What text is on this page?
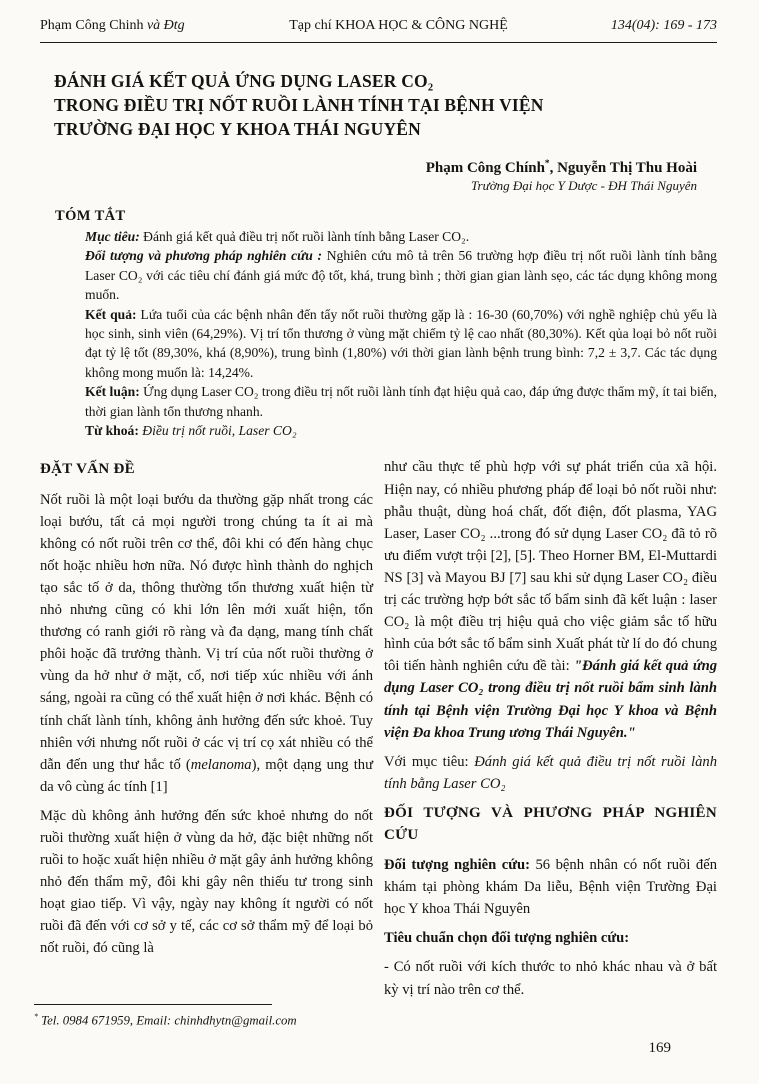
Phạm Công Chinh và Đtg	Tạp chí KHOA HỌC & CÔNG NGHỆ	134(04): 169 - 173
ĐÁNH GIÁ KẾT QUẢ ỨNG DỤNG LASER CO₂
TRONG ĐIỀU TRỊ NỐT RUỒI LÀNH TÍNH TẠI BỆNH VIỆN
TRƯỜNG ĐẠI HỌC Y KHOA THÁI NGUYÊN
Phạm Công Chính*, Nguyễn Thị Thu Hoài
Trường Đại học Y Dược - ĐH Thái Nguyên
TÓM TẮT

Mục tiêu: Đánh giá kết quả điều trị nốt ruồi lành tính bằng Laser CO₂.

Đối tượng và phương pháp nghiên cứu : Nghiên cứu mô tả trên 56 trường hợp điều trị nốt ruồi lành tính bằng Laser CO₂ với các tiêu chí đánh giá mức độ tốt, khá, trung bình ; thời gian gian lành sẹo, các tác dụng không mong muốn.

Kết quả: Lứa tuổi của các bệnh nhân đến tẩy nốt ruồi thường gặp là : 16-30 (60,70%) với nghề nghiệp chủ yếu là học sinh, sinh viên (64,29%). Vị trí tổn thương ở vùng mặt chiếm tỷ lệ cao nhất (80,30%). Kết qủa loại bỏ nốt ruồi đạt tỷ lệ tốt (89,30%, khá (8,90%), trung bình (1,80%) với thời gian lành bệnh trung bình: 7,2 ± 3,7. Các tác dụng không mong muốn là: 14,24%.

Kết luận: Ứng dụng Laser CO₂ trong điều trị nốt ruồi lành tính đạt hiệu quả cao, đáp ứng được thẩm mỹ, ít tai biến, thời gian lành tổn thương nhanh.

Từ khoá: Điều trị nốt ruồi, Laser CO₂

ĐẶT VẤN ĐỀ

Nốt ruồi là một loại bướu da thường gặp nhất trong các loại bướu, tất cả mọi người trong chúng ta ít ai mà không có nốt ruồi trên cơ thể, đôi khi có đến hàng chục nốt hoặc nhiều hơn nữa. Nó được hình thành do nghịch tạo sắc tố ở da, thông thường tổn thương xuất hiện từ nhỏ nhưng cũng có khi lớn lên mới xuất hiện, tổn thương có ranh giới rõ ràng và đa dạng, mang tính chất phôi hoặc đã trưởng thành. Vị trí của nốt ruồi thường ở vùng da hở như ở mặt, cổ, nơi tiếp xúc nhiều với ánh sáng, ngoài ra cũng có thể xuất hiện ở nơi khác. Bệnh có tính chất lành tính, không ảnh hưởng đến sức khoẻ. Tuy nhiên với nhưng nốt ruồi ở các vị trí cọ xát nhiều có thể dẫn đến ung thư hắc tố (melanoma), một dạng ung thư da vô cùng ác tính [1]

Mặc dù không ảnh hưởng đến sức khoẻ nhưng do nốt ruồi thường xuất hiện ở vùng da hở, đặc biệt những nốt ruồi to hoặc xuất hiện nhiều ở mặt gây ảnh hưởng không nhỏ đến thẩm mỹ, đôi khi gây nên thiếu tư trong sinh hoạt giao tiếp. Vì vậy, ngày nay không ít người có nốt ruồi đã đến với cơ sở y tế, các cơ sở thẩm mỹ để loại bỏ nốt ruồi, đó cũng là

như cầu thực tế phù hợp với sự phát triển của xã hội. Hiện nay, có nhiều phương pháp để loại bỏ nốt ruồi như: phẫu thuật, dùng hoá chất, đốt điện, đốt plasma, YAG Laser, Laser CO₂ ...trong đó sử dụng Laser CO₂ đã tỏ rõ ưu điểm vượt trội [2], [5]. Theo Horner BM, El-Muttardi NS [3] và Mayou BJ [7] sau khi sử dụng Laser CO₂ điều trị các trường hợp bớt sắc tố bẩm sinh đã kết luận : laser CO₂ là một điều trị hiệu quả cho việc giảm sắc tố hữu hình của bớt sắc tố bẩm sinh Xuất phát từ lí do đó chung tôi tiến hành nghiên cứu đề tài: "Đánh giá kết quả ứng dụng Laser CO₂ trong điều trị nốt ruồi bẩm sinh lành tính tại Bệnh viện Trường Đại học Y khoa và Bệnh viện Đa khoa Trung ương Thái Nguyên."

Với mục tiêu: Đánh giá kết quả điều trị nốt ruồi lành tính bằng Laser CO₂

ĐỐI TƯỢNG VÀ PHƯƠNG PHÁP NGHIÊN CỨU

Đối tượng nghiên cứu: 56 bệnh nhân có nốt ruồi đến khám tại phòng khám Da liễu, Bệnh viện Trường Đại học Y khoa Thái Nguyên

Tiêu chuẩn chọn đối tượng nghiên cứu:

- Có nốt ruồi với kích thước to nhỏ khác nhau và ở bất kỳ vị trí nào trên cơ thể.

* Tel. 0984 671959, Email: chinhdhytn@gmail.com
169
